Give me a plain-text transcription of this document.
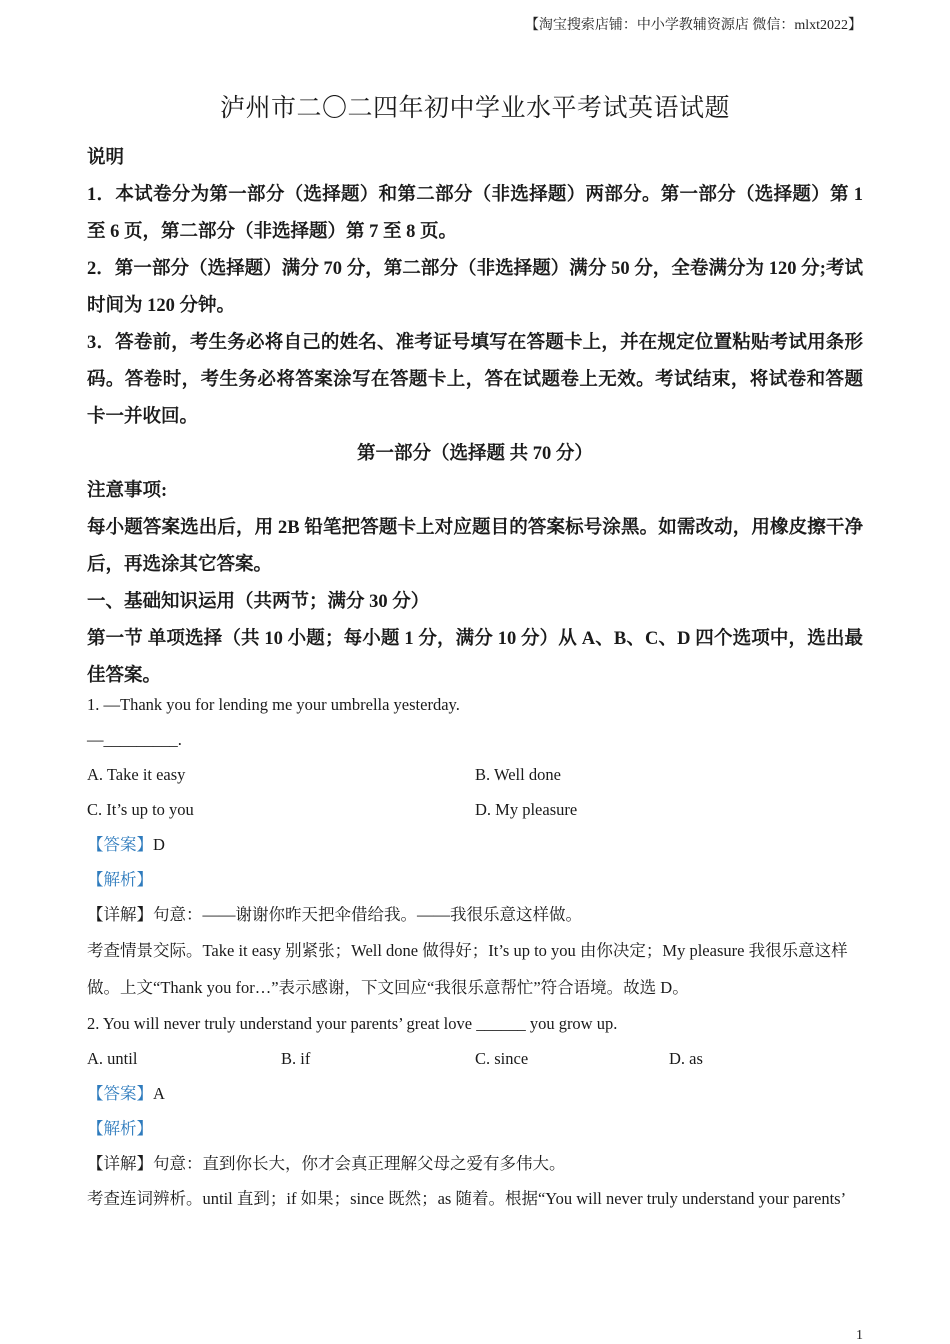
【淘宝搜索店铺：中小学教辅资源店 微信：mlxt2022】
泸州市二〇二四年初中学业水平考试英语试题

说明

1．本试卷分为第一部分（选择题）和第二部分（非选择题）两部分。第一部分（选择题）第 1 至 6 页，第二部分（非选择题）第 7 至 8 页。

2．第一部分（选择题）满分 70 分，第二部分（非选择题）满分 50 分，全卷满分为 120 分;考试时间为 120 分钟。

3．答卷前，考生务必将自己的姓名、准考证号填写在答题卡上，并在规定位置粘贴考试用条形码。答卷时，考生务必将答案涂写在答题卡上，答在试题卷上无效。考试结束，将试卷和答题卡一并收回。

第一部分（选择题 共 70 分）

注意事项:

每小题答案选出后，用 2B 铅笔把答题卡上对应题目的答案标号涂黑。如需改动，用橡皮擦干净后，再选涂其它答案。

一、基础知识运用（共两节；满分 30 分）

第一节 单项选择（共 10 小题；每小题 1 分，满分 10 分）从 A、B、C、D 四个选项中，选出最佳答案。

1. —Thank you for lending me your umbrella yesterday.

—_________.

A. Take it easy	B. Well done
C. It’s up to you	D. My pleasure

【答案】D

【解析】

【详解】句意：——谢谢你昨天把伞借给我。——我很乐意这样做。

考查情景交际。Take it easy 别紧张；Well done 做得好；It’s up to you 由你决定；My pleasure 我很乐意这样做。上文“Thank you for…”表示感谢，下文回应“我很乐意帮忙”符合语境。故选 D。

2. You will never truly understand your parents’ great love ______ you grow up.

A. until	B. if	C. since	D. as

【答案】A

【解析】

【详解】句意：直到你长大，你才会真正理解父母之爱有多伟大。

考查连词辨析。until 直到；if 如果；since 既然；as 随着。根据“You will never truly understand your parents’

1
